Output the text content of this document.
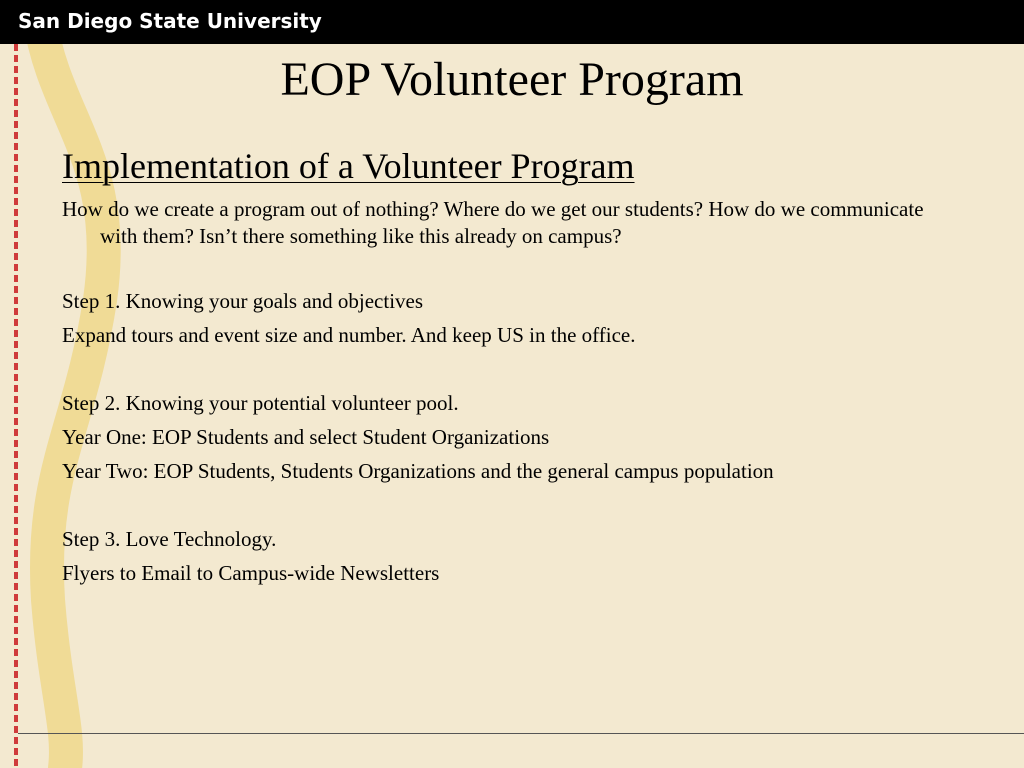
San Diego State University
EOP Volunteer Program
Implementation of a Volunteer Program
How do we create a program out of nothing? Where do we get our students? How do we communicate with them? Isn’t there something like this already on campus?
Step 1. Knowing your goals and objectives
Expand tours and event size and number. And keep US in the office.
Step 2. Knowing your potential volunteer pool.
Year One: EOP Students and select Student Organizations
Year Two: EOP Students, Students Organizations and the general campus population
Step 3. Love Technology.
Flyers to Email to Campus-wide Newsletters
